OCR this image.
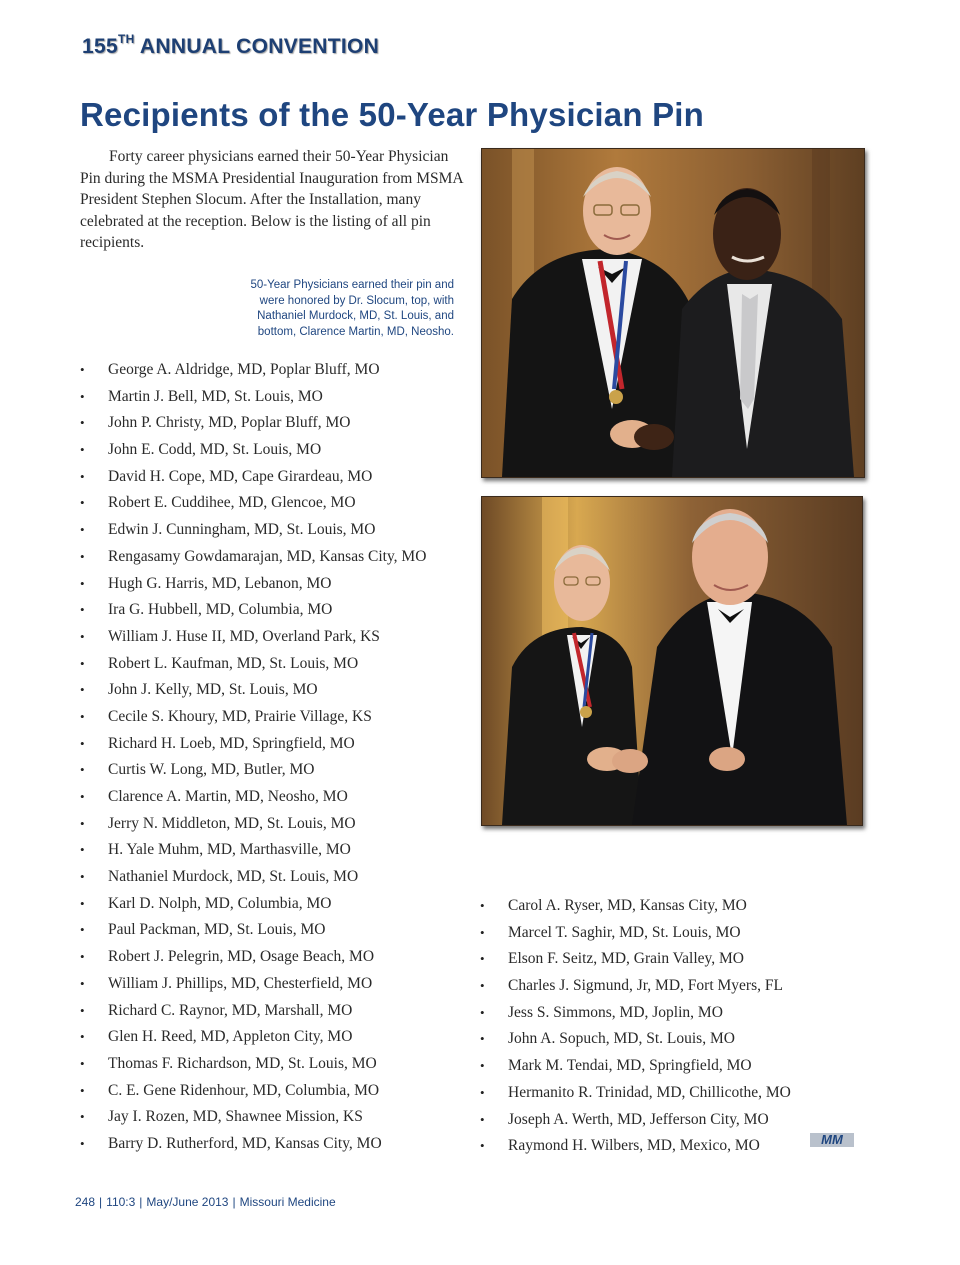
155TH ANNUAL CONVENTION
Recipients of the 50-Year Physician Pin

Forty career physicians earned their 50-Year Physician Pin during the MSMA Presidential Inauguration from MSMA President Stephen Slocum. After the Installation, many celebrated at the reception. Below is the listing of all pin recipients.

50-Year Physicians earned their pin and were honored by Dr. Slocum, top, with Nathaniel Murdock, MD, St. Louis, and bottom, Clarence Martin, MD, Neosho.
• George A. Aldridge, MD, Poplar Bluff, MO
• Martin J. Bell, MD, St. Louis, MO
• John P. Christy, MD, Poplar Bluff, MO
• John E. Codd, MD, St. Louis, MO
• David H. Cope, MD, Cape Girardeau, MO
• Robert E. Cuddihee, MD, Glencoe, MO
• Edwin J. Cunningham, MD, St. Louis, MO
• Rengasamy Gowdamarajan, MD, Kansas City, MO
• Hugh G. Harris, MD, Lebanon, MO
• Ira G. Hubbell, MD, Columbia, MO
• William J. Huse II, MD, Overland Park, KS
• Robert L. Kaufman, MD, St. Louis, MO
• John J. Kelly, MD, St. Louis, MO
• Cecile S. Khoury, MD, Prairie Village, KS
• Richard H. Loeb, MD, Springfield, MO
• Curtis W. Long, MD, Butler, MO
• Clarence A. Martin, MD, Neosho, MO
• Jerry N. Middleton, MD, St. Louis, MO
• H. Yale Muhm, MD, Marthasville, MO
• Nathaniel Murdock, MD, St. Louis, MO
• Karl D. Nolph, MD, Columbia, MO
• Paul Packman, MD, St. Louis, MO
• Robert J. Pelegrin, MD, Osage Beach, MO
• William J. Phillips, MD, Chesterfield, MO
• Richard C. Raynor, MD, Marshall, MO
• Glen H. Reed, MD, Appleton City, MO
• Thomas F. Richardson, MD, St. Louis, MO
• C. E. Gene Ridenhour, MD, Columbia, MO
• Jay I. Rozen, MD, Shawnee Mission, KS
• Barry D. Rutherford, MD, Kansas City, MO
• Carol A. Ryser, MD, Kansas City, MO
• Marcel T. Saghir, MD, St. Louis, MO
• Elson F. Seitz, MD, Grain Valley, MO
• Charles J. Sigmund, Jr, MD, Fort Myers, FL
• Jess S. Simmons, MD, Joplin, MO
• John A. Sopuch, MD, St. Louis, MO
• Mark M. Tendai, MD, Springfield, MO
• Hermanito R. Trinidad, MD, Chillicothe, MO
• Joseph A. Werth, MD, Jefferson City, MO
• Raymond H. Wilbers, MD, Mexico, MO
248 | 110:3 | May/June 2013 | Missouri Medicine
MM
